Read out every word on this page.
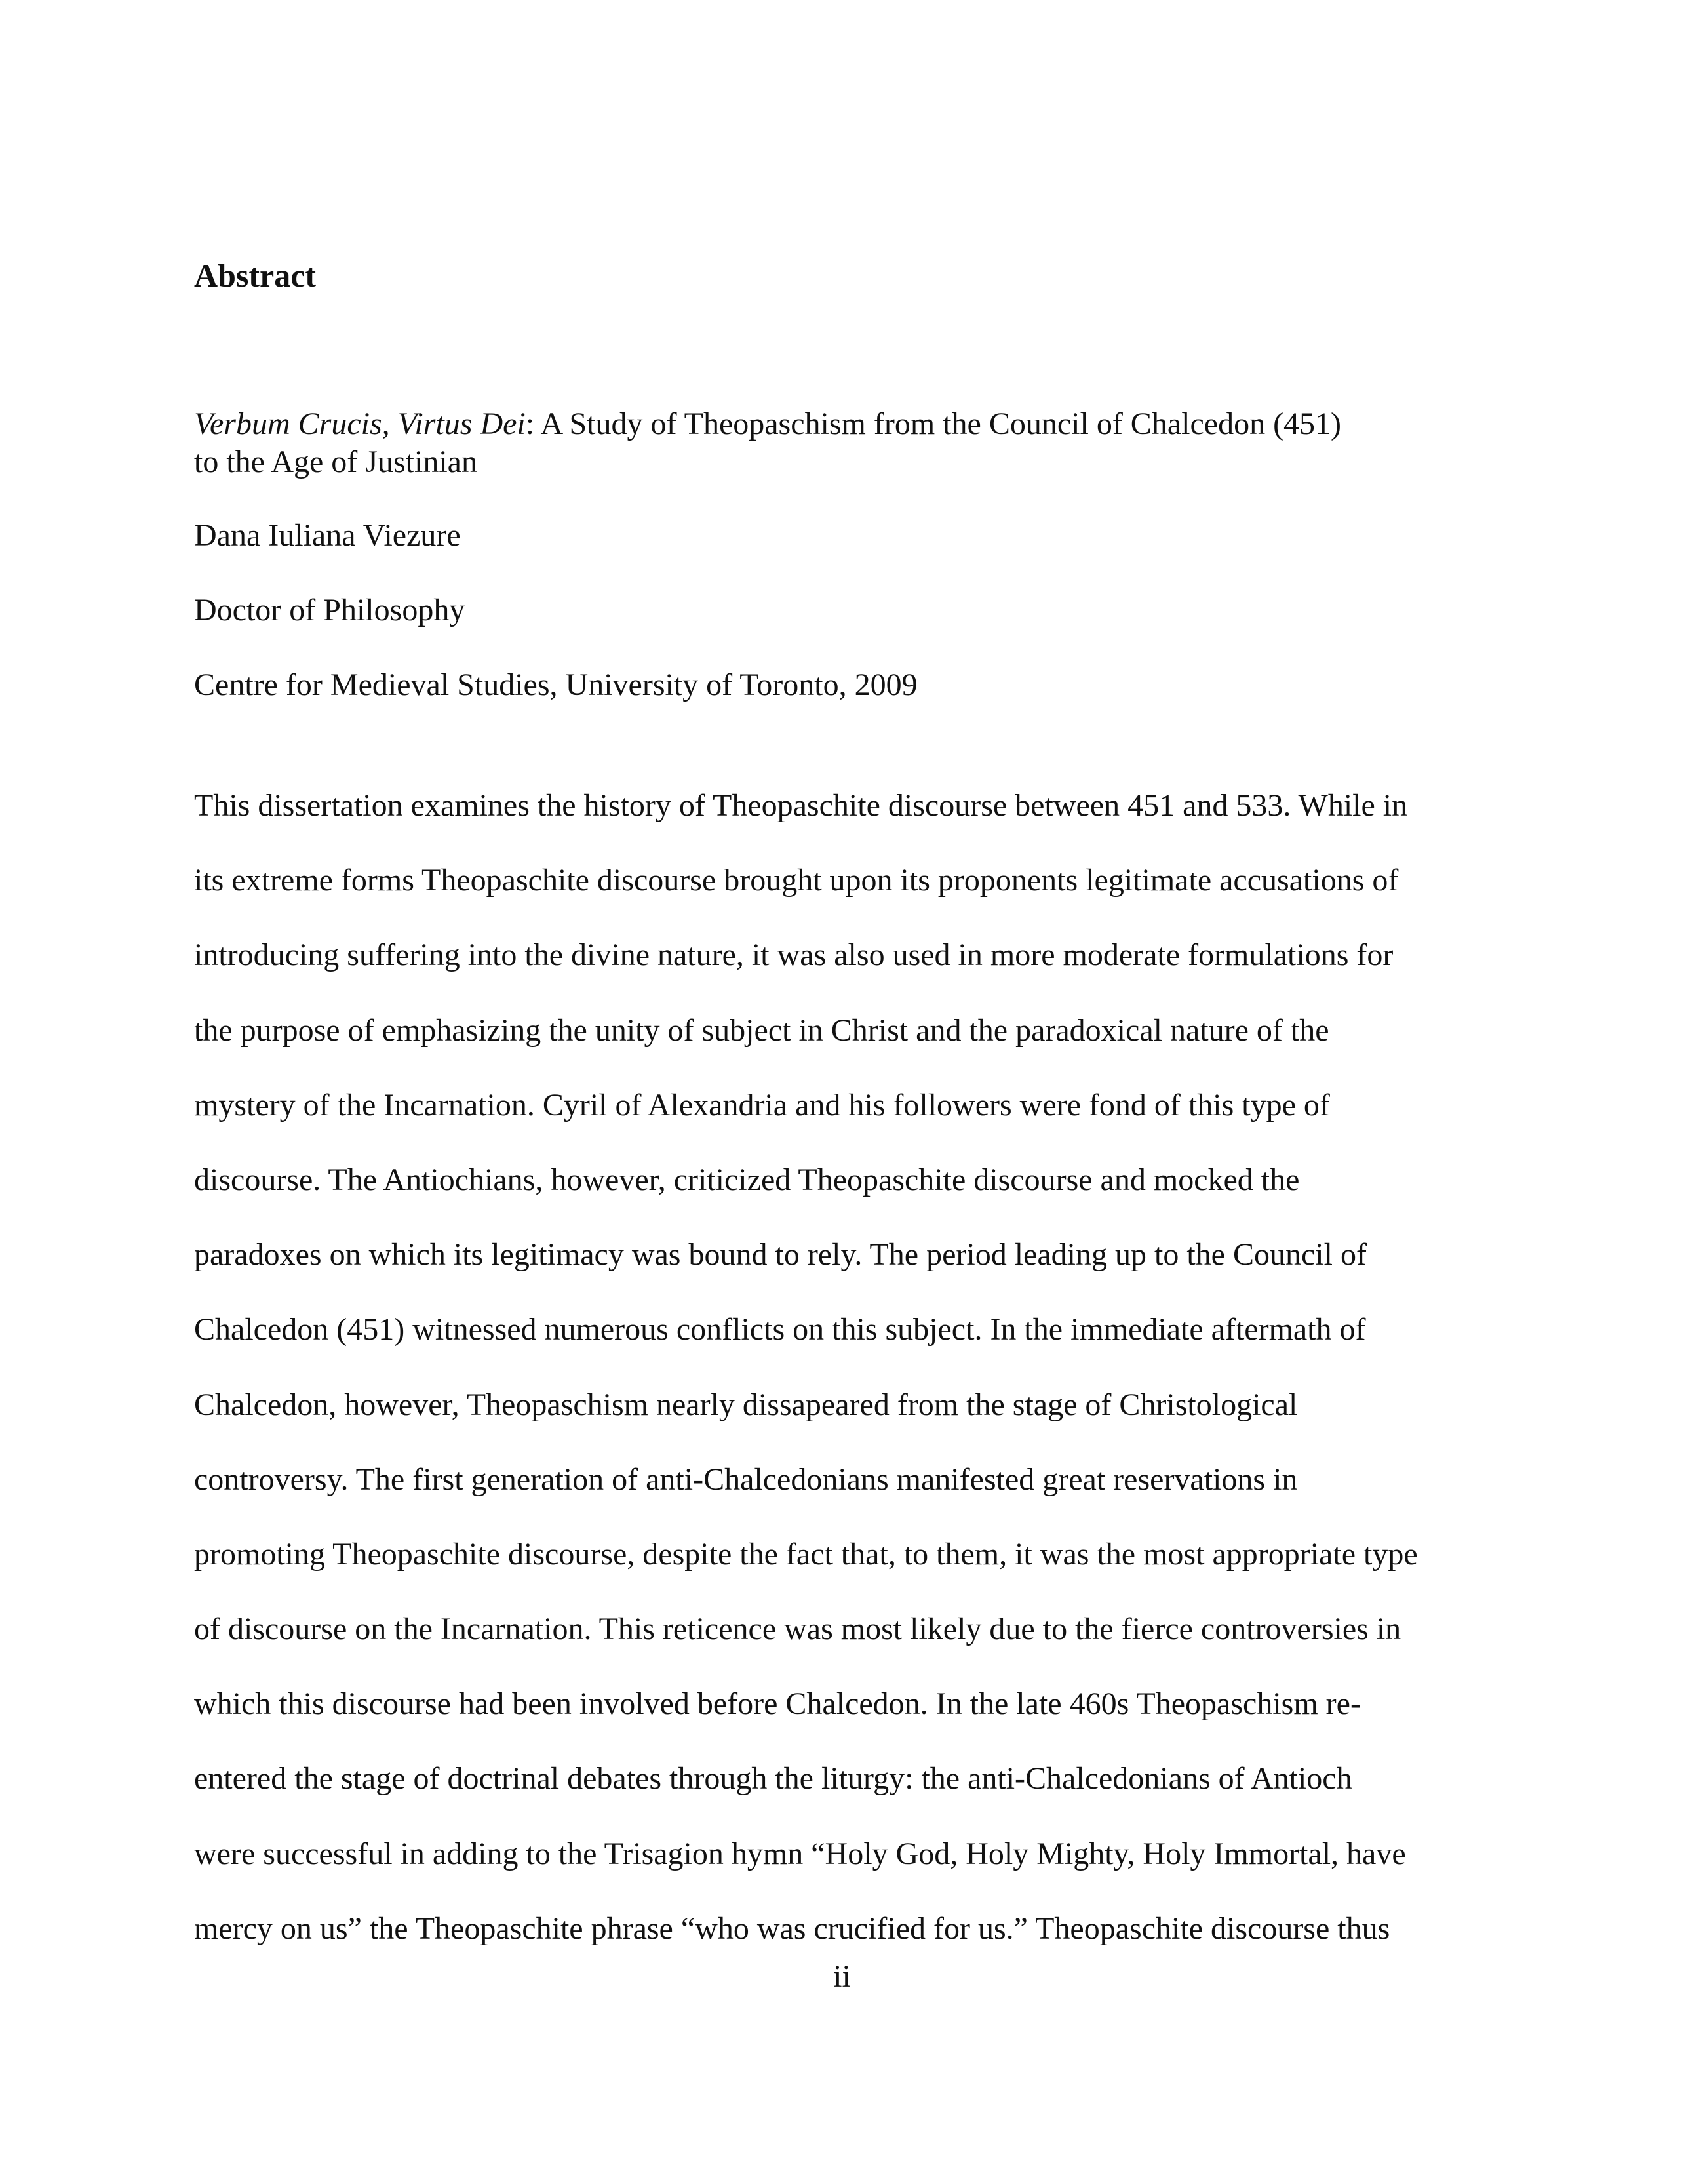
Abstract

Verbum Crucis, Virtus Dei: A Study of Theopaschism from the Council of Chalcedon (451)
to the Age of Justinian

Dana Iuliana Viezure

Doctor of Philosophy

Centre for Medieval Studies, University of Toronto, 2009

This dissertation examines the history of Theopaschite discourse between 451 and 533. While in
its extreme forms Theopaschite discourse brought upon its proponents legitimate accusations of
introducing suffering into the divine nature, it was also used in more moderate formulations for
the purpose of emphasizing the unity of subject in Christ and the paradoxical nature of the
mystery of the Incarnation. Cyril of Alexandria and his followers were fond of this type of
discourse. The Antiochians, however, criticized Theopaschite discourse and mocked the
paradoxes on which its legitimacy was bound to rely. The period leading up to the Council of
Chalcedon (451) witnessed numerous conflicts on this subject. In the immediate aftermath of
Chalcedon, however, Theopaschism nearly dissapeared from the stage of Christological
controversy. The first generation of anti-Chalcedonians manifested great reservations in
promoting Theopaschite discourse, despite the fact that, to them, it was the most appropriate type
of discourse on the Incarnation. This reticence was most likely due to the fierce controversies in
which this discourse had been involved before Chalcedon. In the late 460s Theopaschism re-
entered the stage of doctrinal debates through the liturgy: the anti-Chalcedonians of Antioch
were successful in adding to the Trisagion hymn “Holy God, Holy Mighty, Holy Immortal, have
mercy on us” the Theopaschite phrase “who was crucified for us.” Theopaschite discourse thus

ii
